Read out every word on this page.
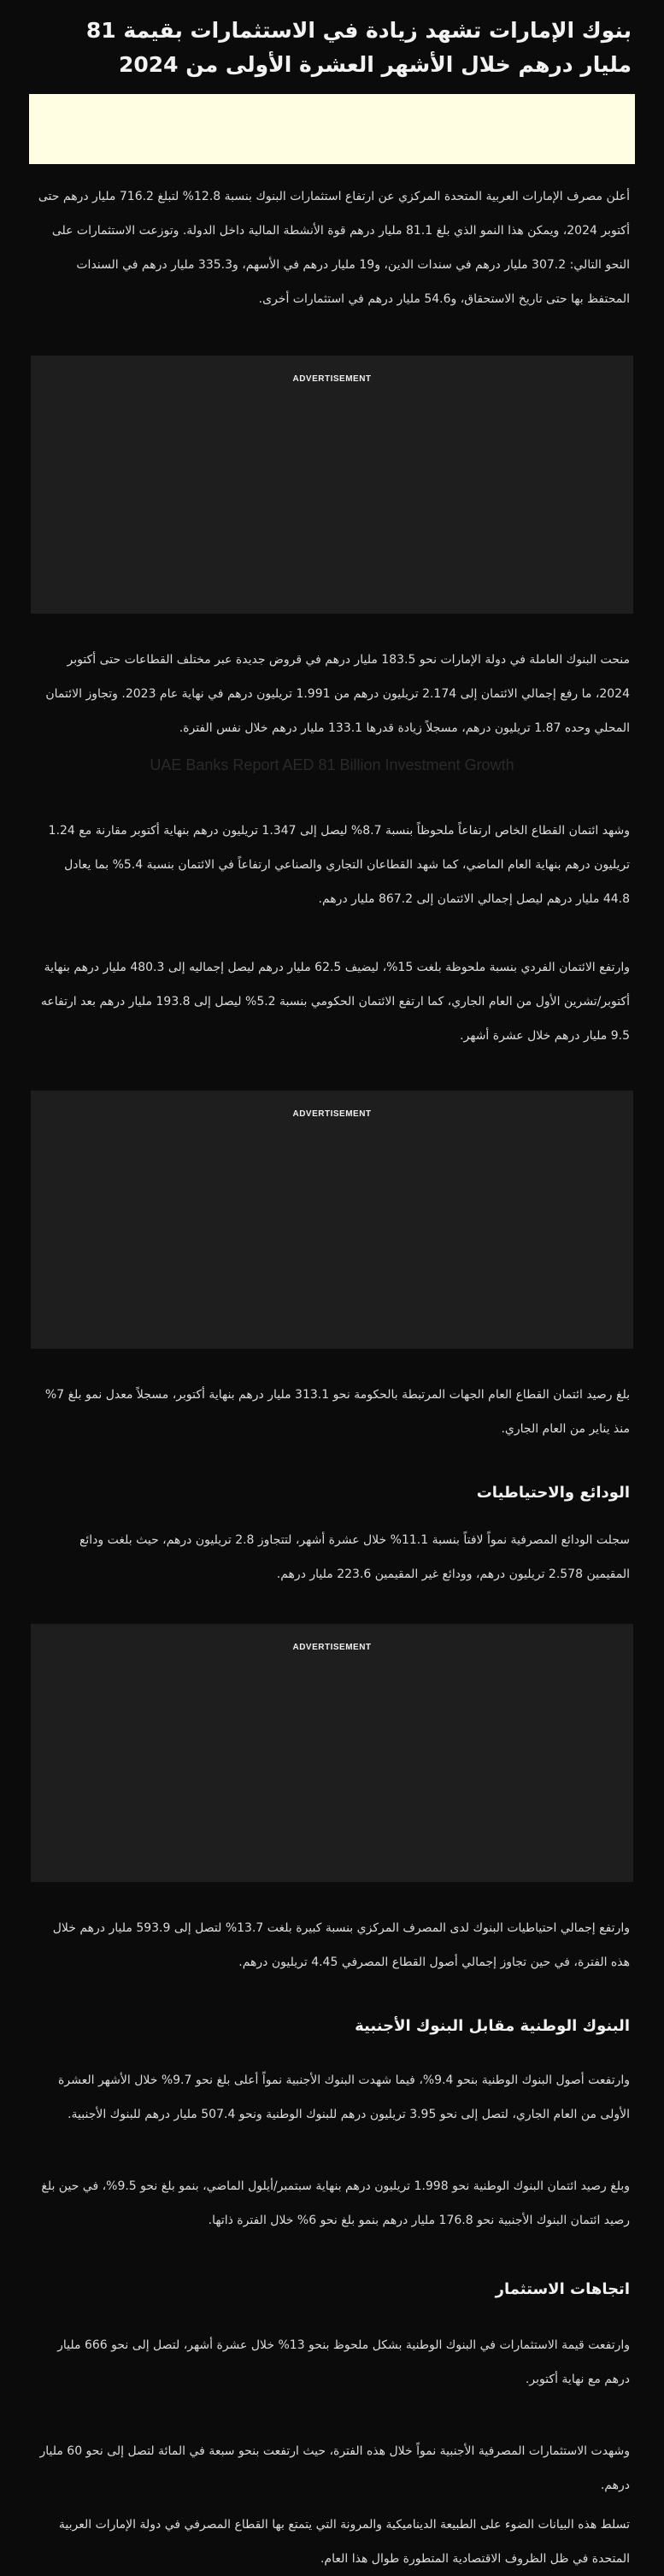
بنوك الإمارات تشهد زيادة في الاستثمارات بقيمة 81 مليار درهم خلال الأشهر العشرة الأولى من 2024

أعلن مصرف الإمارات العربية المتحدة المركزي عن ارتفاع استثمارات البنوك بنسبة 12.8% لتبلغ 716.2 مليار درهم حتى أكتوبر 2024، ويمكن هذا النمو الذي بلغ 81.1 مليار درهم قوة الأنشطة المالية داخل الدولة. وتوزعت الاستثمارات على النحو التالي: 307.2 مليار درهم في سندات الدين، و19 مليار درهم في الأسهم، و335.3 مليار درهم في السندات المحتفظ بها حتى تاريخ الاستحقاق، و54.6 مليار درهم في استثمارات أخرى.

ADVERTISEMENT

منحت البنوك العاملة في دولة الإمارات نحو 183.5 مليار درهم في قروض جديدة عبر مختلف القطاعات حتى أكتوبر 2024، ما رفع إجمالي الائتمان إلى 2.174 تريليون درهم من 1.991 تريليون درهم في نهاية عام 2023. وتجاوز الائتمان المحلي وحده 1.87 تريليون درهم، مسجلاً زيادة قدرها 133.1 مليار درهم خلال نفس الفترة.

UAE Banks Report AED 81 Billion Investment Growth

وشهد ائتمان القطاع الخاص ارتفاعاً ملحوظاً بنسبة 8.7% ليصل إلى 1.347 تريليون درهم بنهاية أكتوبر مقارنة مع 1.24 تريليون درهم بنهاية العام الماضي، كما شهد القطاعان التجاري والصناعي ارتفاعاً في الائتمان بنسبة 5.4% بما يعادل 44.8 مليار درهم ليصل إجمالي الائتمان إلى 867.2 مليار درهم.

وارتفع الائتمان الفردي بنسبة ملحوظة بلغت 15%، ليضيف 62.5 مليار درهم ليصل إجماليه إلى 480.3 مليار درهم بنهاية أكتوبر/تشرين الأول من العام الجاري، كما ارتفع الائتمان الحكومي بنسبة 5.2% ليصل إلى 193.8 مليار درهم بعد ارتفاعه 9.5 مليار درهم خلال عشرة أشهر.

ADVERTISEMENT

بلغ رصيد ائتمان القطاع العام الجهات المرتبطة بالحكومة نحو 313.1 مليار درهم بنهاية أكتوبر، مسجلاً معدل نمو بلغ 7% منذ يناير من العام الجاري.

الودائع والاحتياطيات

سجلت الودائع المصرفية نمواً لافتاً بنسبة 11.1% خلال عشرة أشهر، لتتجاوز 2.8 تريليون درهم، حيث بلغت ودائع المقيمين 2.578 تريليون درهم، وودائع غير المقيمين 223.6 مليار درهم.

ADVERTISEMENT

وارتفع إجمالي احتياطيات البنوك لدى المصرف المركزي بنسبة كبيرة بلغت 13.7% لتصل إلى 593.9 مليار درهم خلال هذه الفترة، في حين تجاوز إجمالي أصول القطاع المصرفي 4.45 تريليون درهم.

البنوك الوطنية مقابل البنوك الأجنبية

وارتفعت أصول البنوك الوطنية بنحو 9.4%، فيما شهدت البنوك الأجنبية نمواً أعلى بلغ نحو 9.7% خلال الأشهر العشرة الأولى من العام الجاري، لتصل إلى نحو 3.95 تريليون درهم للبنوك الوطنية ونحو 507.4 مليار درهم للبنوك الأجنبية.

وبلغ رصيد ائتمان البنوك الوطنية نحو 1.998 تريليون درهم بنهاية سبتمبر/أيلول الماضي، بنمو بلغ نحو 9.5%، في حين بلغ رصيد ائتمان البنوك الأجنبية نحو 176.8 مليار درهم بنمو بلغ نحو 6% خلال الفترة ذاتها.

اتجاهات الاستثمار

وارتفعت قيمة الاستثمارات في البنوك الوطنية بشكل ملحوظ بنحو 13% خلال عشرة أشهر، لتصل إلى نحو 666 مليار درهم مع نهاية أكتوبر.

وشهدت الاستثمارات المصرفية الأجنبية نمواً خلال هذه الفترة، حيث ارتفعت بنحو سبعة في المائة لتصل إلى نحو 60 مليار درهم.

تسلط هذه البيانات الضوء على الطبيعة الديناميكية والمرونة التي يتمتع بها القطاع المصرفي في دولة الإمارات العربية المتحدة في ظل الظروف الاقتصادية المتطورة طوال هذا العام.
